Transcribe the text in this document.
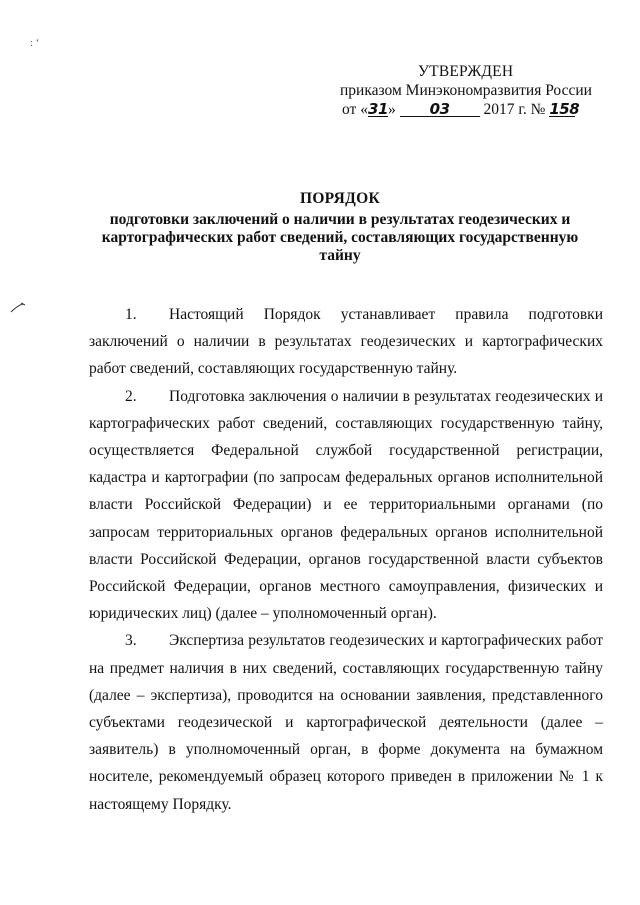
: ‘
УТВЕРЖДЕН
приказом Минэкономразвития России
от «31» 03 2017 г. № 158
ПОРЯДОК
подготовки заключений о наличии в результатах геодезических и картографических работ сведений, составляющих государственную тайну

1. Настоящий Порядок устанавливает правила подготовки заключений о наличии в результатах геодезических и картографических работ сведений, составляющих государственную тайну.

2. Подготовка заключения о наличии в результатах геодезических и картографических работ сведений, составляющих государственную тайну, осуществляется Федеральной службой государственной регистрации, кадастра и картографии (по запросам федеральных органов исполнительной власти Российской Федерации) и ее территориальными органами (по запросам территориальных органов федеральных органов исполнительной власти Российской Федерации, органов государственной власти субъектов Российской Федерации, органов местного самоуправления, физических и юридических лиц) (далее – уполномоченный орган).

3. Экспертиза результатов геодезических и картографических работ на предмет наличия в них сведений, составляющих государственную тайну (далее – экспертиза), проводится на основании заявления, представленного субъектами геодезической и картографической деятельности (далее – заявитель) в уполномоченный орган, в форме документа на бумажном носителе, рекомендуемый образец которого приведен в приложении № 1 к настоящему Порядку.
